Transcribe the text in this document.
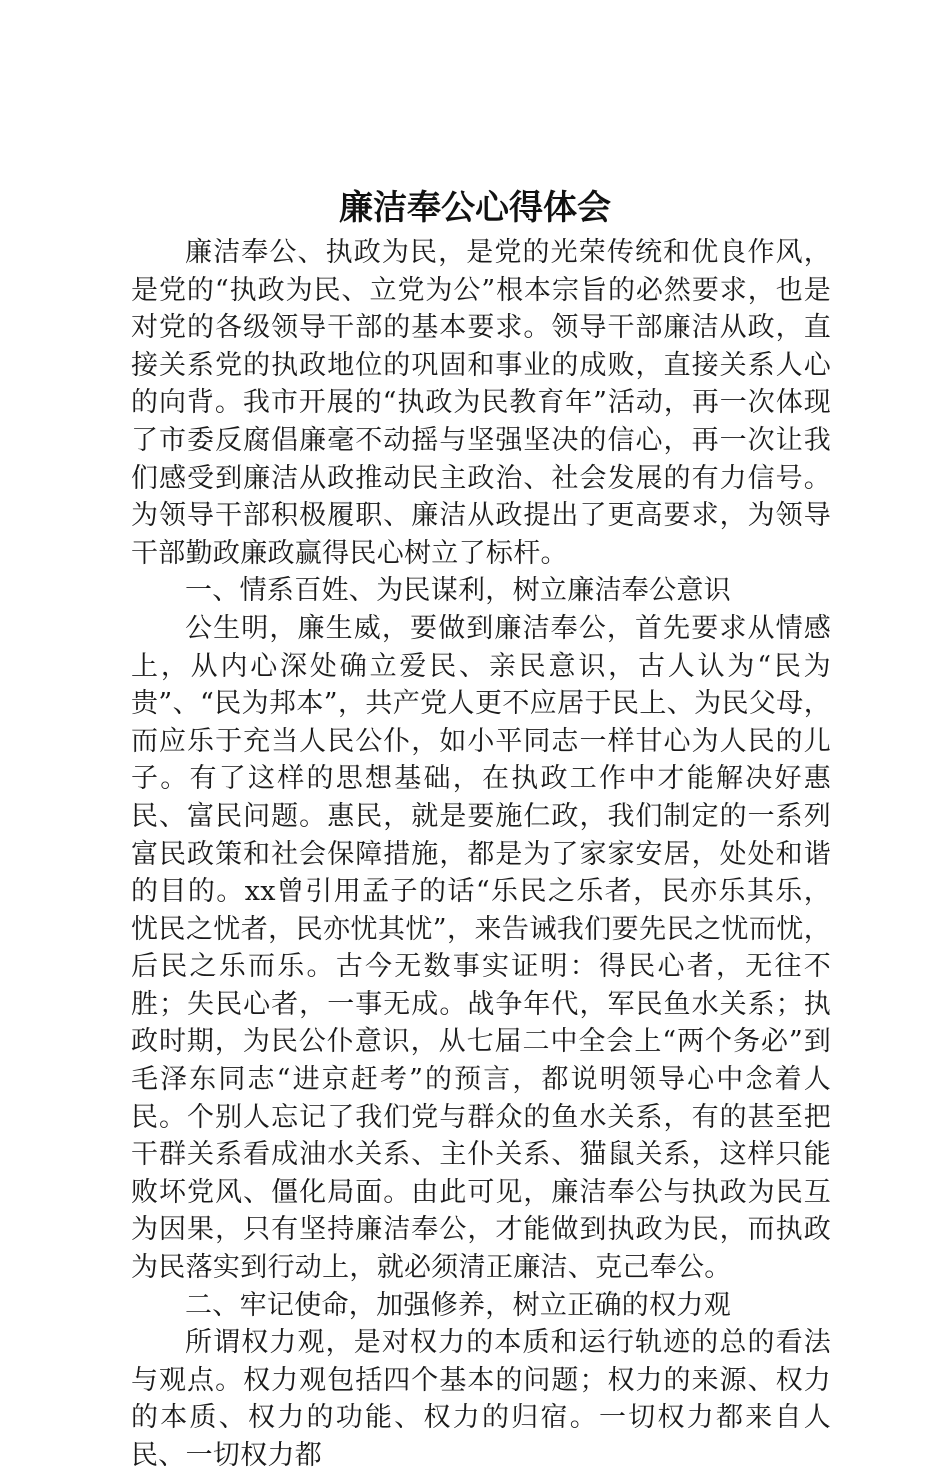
廉洁奉公心得体会

廉洁奉公、执政为民，是党的光荣传统和优良作风，是党的“执政为民、立党为公”根本宗旨的必然要求，也是对党的各级领导干部的基本要求。领导干部廉洁从政，直接关系党的执政地位的巩固和事业的成败，直接关系人心的向背。我市开展的“执政为民教育年”活动，再一次体现了市委反腐倡廉毫不动摇与坚强坚决的信心，再一次让我们感受到廉洁从政推动民主政治、社会发展的有力信号。为领导干部积极履职、廉洁从政提出了更高要求，为领导干部勤政廉政赢得民心树立了标杆。

一、情系百姓、为民谋利，树立廉洁奉公意识

公生明，廉生威，要做到廉洁奉公，首先要求从情感上，从内心深处确立爱民、亲民意识，古人认为“民为贵”、“民为邦本”，共产党人更不应居于民上、为民父母，而应乐于充当人民公仆，如小平同志一样甘心为人民的儿子。有了这样的思想基础，在执政工作中才能解决好惠民、富民问题。惠民，就是要施仁政，我们制定的一系列富民政策和社会保障措施，都是为了家家安居，处处和谐的目的。xx曾引用孟子的话“乐民之乐者，民亦乐其乐，忧民之忧者，民亦忧其忧”，来告诫我们要先民之忧而忧，后民之乐而乐。古今无数事实证明：得民心者，无往不胜；失民心者，一事无成。战争年代，军民鱼水关系；执政时期，为民公仆意识，从七届二中全会上“两个务必”到毛泽东同志“进京赶考”的预言，都说明领导心中念着人民。个别人忘记了我们党与群众的鱼水关系，有的甚至把干群关系看成油水关系、主仆关系、猫鼠关系，这样只能败坏党风、僵化局面。由此可见，廉洁奉公与执政为民互为因果，只有坚持廉洁奉公，才能做到执政为民，而执政为民落实到行动上，就必须清正廉洁、克己奉公。

二、牢记使命，加强修养，树立正确的权力观

所谓权力观，是对权力的本质和运行轨迹的总的看法与观点。权力观包括四个基本的问题；权力的来源、权力的本质、权力的功能、权力的归宿。一切权力都来自人民、一切权力都
